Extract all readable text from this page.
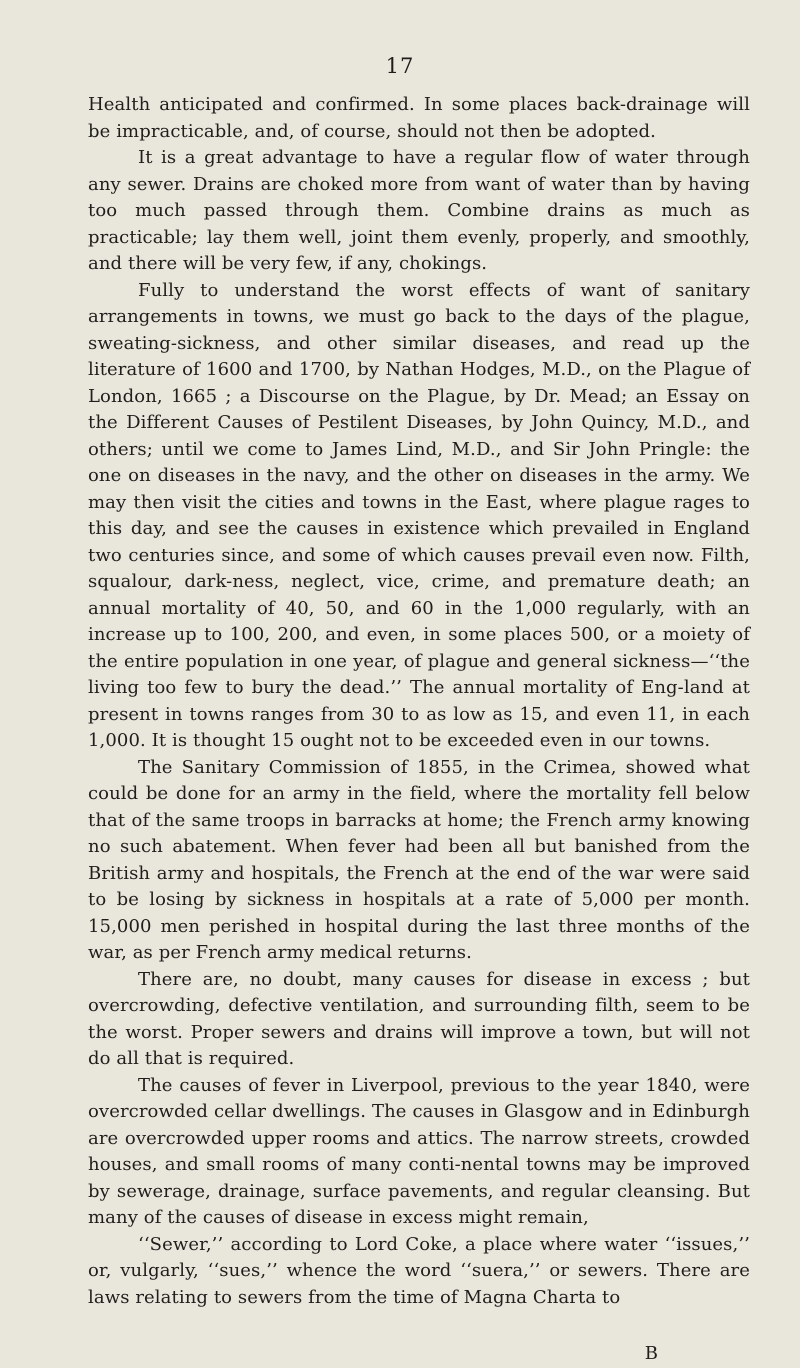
17

Health anticipated and confirmed. In some places back-drainage will be impracticable, and, of course, should not then be adopted.

It is a great advantage to have a regular flow of water through any sewer. Drains are choked more from want of water than by having too much passed through them. Combine drains as much as practicable; lay them well, joint them evenly, properly, and smoothly, and there will be very few, if any, chokings.

Fully to understand the worst effects of want of sanitary arrangements in towns, we must go back to the days of the plague, sweating-sickness, and other similar diseases, and read up the literature of 1600 and 1700, by Nathan Hodges, M.D., on the Plague of London, 1665 ; a Discourse on the Plague, by Dr. Mead; an Essay on the Different Causes of Pestilent Diseases, by John Quincy, M.D., and others; until we come to James Lind, M.D., and Sir John Pringle: the one on diseases in the navy, and the other on diseases in the army. We may then visit the cities and towns in the East, where plague rages to this day, and see the causes in existence which prevailed in England two centuries since, and some of which causes prevail even now. Filth, squalour, dark-ness, neglect, vice, crime, and premature death; an annual mortality of 40, 50, and 60 in the 1,000 regularly, with an increase up to 100, 200, and even, in some places 500, or a moiety of the entire population in one year, of plague and general sickness—‘‘the living too few to bury the dead.’’ The annual mortality of Eng-land at present in towns ranges from 30 to as low as 15, and even 11, in each 1,000. It is thought 15 ought not to be exceeded even in our towns.

The Sanitary Commission of 1855, in the Crimea, showed what could be done for an army in the field, where the mortality fell below that of the same troops in barracks at home; the French army knowing no such abatement. When fever had been all but banished from the British army and hospitals, the French at the end of the war were said to be losing by sickness in hospitals at a rate of 5,000 per month. 15,000 men perished in hospital during the last three months of the war, as per French army medical returns.

There are, no doubt, many causes for disease in excess ; but overcrowding, defective ventilation, and surrounding filth, seem to be the worst. Proper sewers and drains will improve a town, but will not do all that is required.

The causes of fever in Liverpool, previous to the year 1840, were overcrowded cellar dwellings. The causes in Glasgow and in Edinburgh are overcrowded upper rooms and attics. The narrow streets, crowded houses, and small rooms of many conti-nental towns may be improved by sewerage, drainage, surface pavements, and regular cleansing. But many of the causes of disease in excess might remain,

‘‘Sewer,’’ according to Lord Coke, a place where water ‘‘issues,’’ or, vulgarly, ‘‘sues,’’ whence the word ‘‘suera,’’ or sewers. There are laws relating to sewers from the time of Magna Charta to

B
